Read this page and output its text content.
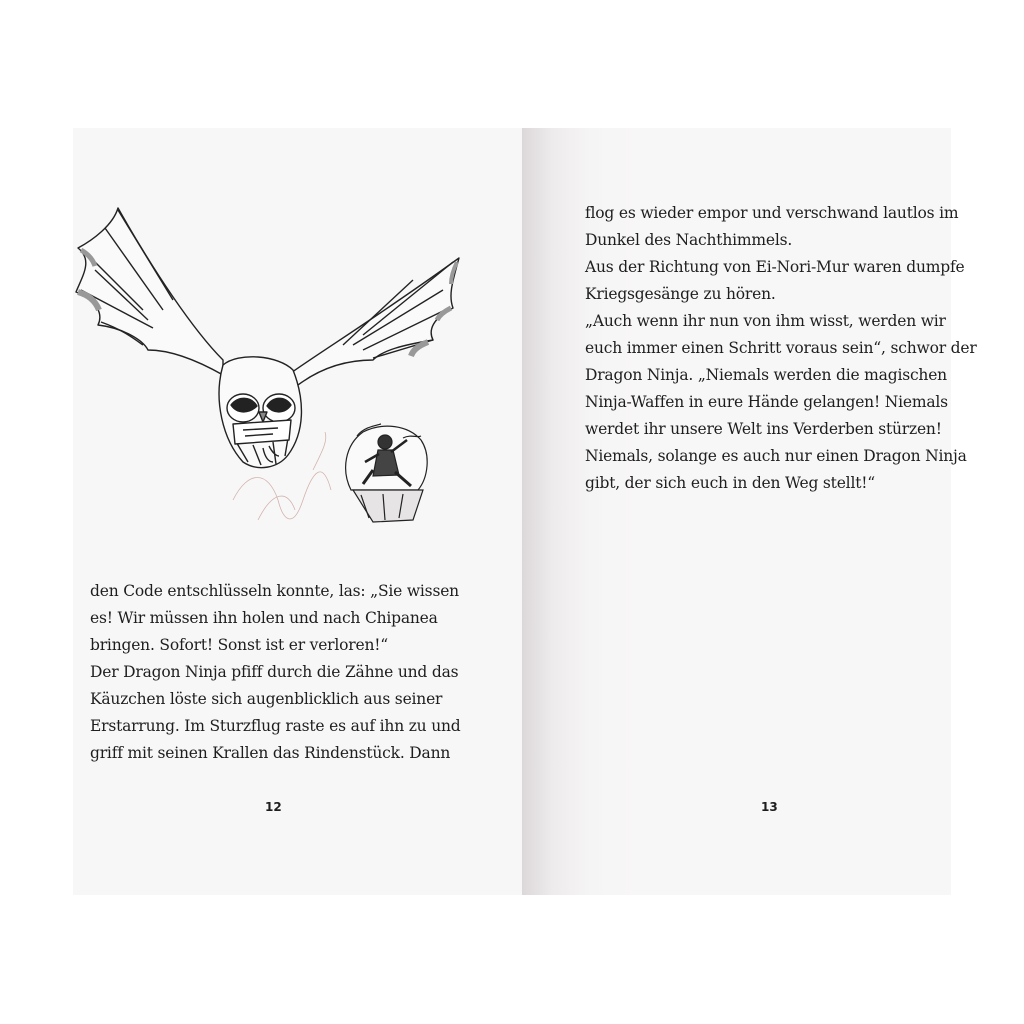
den Code entschlüsseln konnte, las: „Sie wissen

es! Wir müssen ihn holen und nach Chipanea

bringen. Sofort! Sonst ist er verloren!“

Der Dragon Ninja pfiff durch die Zähne und das

Käuzchen löste sich augenblicklich aus seiner

Erstarrung. Im Sturzflug raste es auf ihn zu und

griff mit seinen Krallen das Rindenstück. Dann

12

flog es wieder empor und verschwand lautlos im

Dunkel des Nachthimmels.

Aus der Richtung von Ei-Nori-Mur waren dumpfe

Kriegsgesänge zu hören.

„Auch wenn ihr nun von ihm wisst, werden wir

euch immer einen Schritt voraus sein“, schwor der

Dragon Ninja. „Niemals werden die magischen

Ninja-Waffen in eure Hände gelangen! Niemals

werdet ihr unsere Welt ins Verderben stürzen!

Niemals, solange es auch nur einen Dragon Ninja

gibt, der sich euch in den Weg stellt!“

13
